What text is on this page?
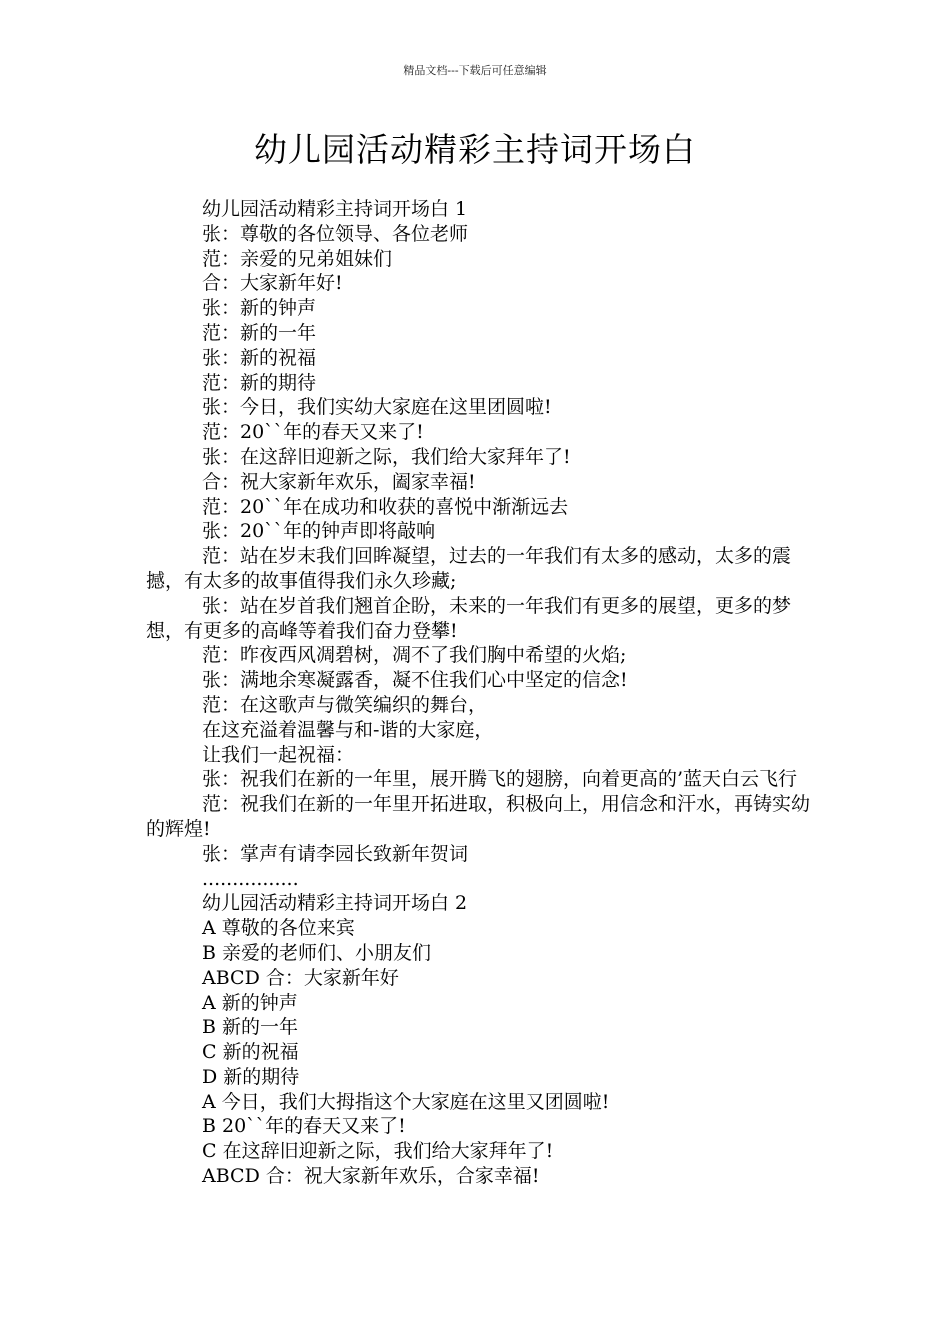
精品文档---下载后可任意编辑
幼儿园活动精彩主持词开场白

幼儿园活动精彩主持词开场白 1

张：尊敬的各位领导、各位老师

范：亲爱的兄弟姐妹们

合：大家新年好!

张：新的钟声

范：新的一年

张：新的祝福

范：新的期待

张：今日，我们实幼大家庭在这里团圆啦!

范：20``年的春天又来了!

张：在这辞旧迎新之际，我们给大家拜年了!

合：祝大家新年欢乐，阖家幸福!

范：20``年在成功和收获的喜悦中渐渐远去

张：20``年的钟声即将敲响

范：站在岁末我们回眸凝望，过去的一年我们有太多的感动，太多的震撼，有太多的故事值得我们永久珍藏;

张：站在岁首我们翘首企盼，未来的一年我们有更多的展望，更多的梦想，有更多的高峰等着我们奋力登攀!

范：昨夜西风凋碧树，凋不了我们胸中希望的火焰;

张：满地余寒凝露香，凝不住我们心中坚定的信念!

范：在这歌声与微笑编织的舞台，

在这充溢着温馨与和-谐的大家庭，

让我们一起祝福：

张：祝我们在新的一年里，展开腾飞的翅膀，向着更高的’蓝天白云飞行

范：祝我们在新的一年里开拓进取，积极向上，用信念和汗水，再铸实幼的辉煌!

张：掌声有请李园长致新年贺词

................

幼儿园活动精彩主持词开场白 2

A 尊敬的各位来宾

B 亲爱的老师们、小朋友们

ABCD 合：大家新年好

A 新的钟声

B 新的一年

C 新的祝福

D 新的期待

A 今日，我们大拇指这个大家庭在这里又团圆啦!

B 20``年的春天又来了!

C 在这辞旧迎新之际，我们给大家拜年了!

ABCD 合：祝大家新年欢乐，合家幸福!
